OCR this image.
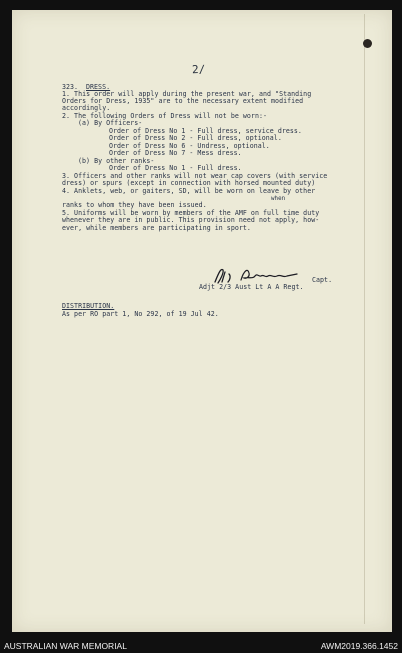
2/
323. DRESS.
1. This order will apply during the present war, and "Standing
Orders for Dress, 1935" are to the necessary extent modified
accordingly.
2. The following Orders of Dress will not be worn:-
(a) By Officers-
Order of Dress No 1 - Full dress, service dress.
Order of Dress No 2 - Full dress, optional.
Order of Dress No 6 - Undress, optional.
Order of Dress No 7 - Mess dress.
(b) By other ranks-
Order of Dress No 1 - Full dress.
3. Officers and other ranks will not wear cap covers (with service
dress) or spurs (except in connection with horsed mounted duty)
4. Anklets, web, or gaiters, SD, will be worn on leave by other
when
ranks to whom they have been issued.
5. Uniforms will be worn by members of the AMF on full time duty
whenever they are in public. This provision need not apply, how-
ever, while members are participating in sport.
Capt.
Adjt 2/3 Aust Lt A A Regt.
DISTRIBUTION.
As per RO part 1, No 292, of 19 Jul 42.
AUSTRALIAN WAR MEMORIAL	AWM2019.366.1452
